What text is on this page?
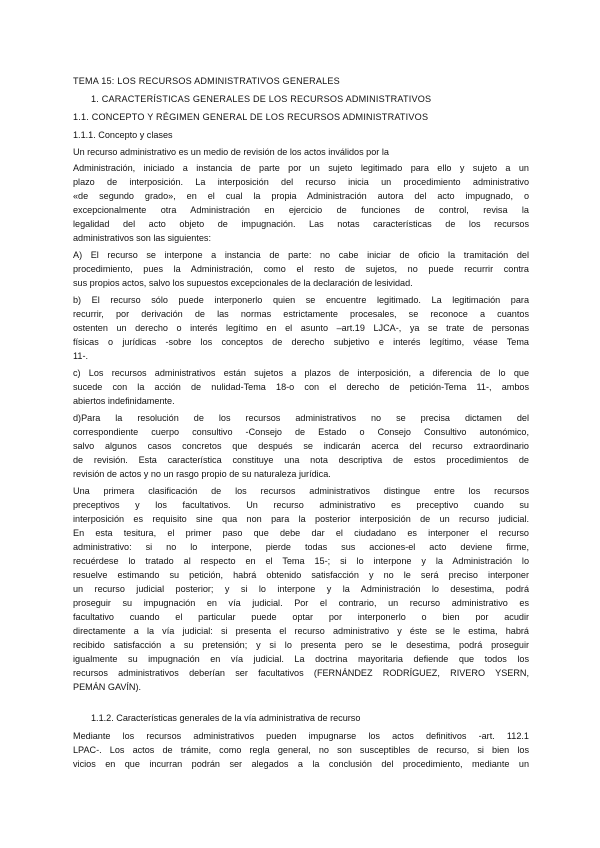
TEMA 15: LOS RECURSOS ADMINISTRATIVOS GENERALES
1. CARACTERÍSTICAS GENERALES DE LOS RECURSOS ADMINISTRATIVOS
1.1. CONCEPTO Y RÉGIMEN GENERAL DE LOS RECURSOS ADMINISTRATIVOS
1.1.1. Concepto y clases
Un recurso administrativo es un medio de revisión de los actos inválidos por la
Administración, iniciado a instancia de parte por un sujeto legitimado para ello y sujeto a un
plazo de interposición. La interposición del recurso inicia un procedimiento administrativo
«de segundo grado», en el cual la propia Administración autora del acto impugnado, o
excepcionalmente otra Administración en ejercicio de funciones de control, revisa la
legalidad del acto objeto de impugnación. Las notas características de los recursos
administrativos son las siguientes:
A) El recurso se interpone a instancia de parte: no cabe iniciar de oficio la tramitación del
procedimiento, pues la Administración, como el resto de sujetos, no puede recurrir contra
sus propios actos, salvo los supuestos excepcionales de la declaración de lesividad.
b) El recurso sólo puede interponerlo quien se encuentre legitimado. La legitimación para
recurrir, por derivación de las normas estrictamente procesales, se reconoce a cuantos
ostenten un derecho o interés legítimo en el asunto –art.19 LJCA-, ya se trate de personas
físicas o jurídicas -sobre los conceptos de derecho subjetivo e interés legítimo, véase Tema
11-.
c) Los recursos administrativos están sujetos a plazos de interposición, a diferencia de lo que
sucede con la acción de nulidad-Tema 18-o con el derecho de petición-Tema 11-, ambos
abiertos indefinidamente.
d)Para la resolución de los recursos administrativos no se precisa dictamen del
correspondiente cuerpo consultivo -Consejo de Estado o Consejo Consultivo autonómico,
salvo algunos casos concretos que después se indicarán acerca del recurso extraordinario
de revisión. Esta característica constituye una nota descriptiva de estos procedimientos de
revisión de actos y no un rasgo propio de su naturaleza jurídica.
Una primera clasificación de los recursos administrativos distingue entre los recursos
preceptivos y los facultativos. Un recurso administrativo es preceptivo cuando su
interposición es requisito sine qua non para la posterior interposición de un recurso judicial.
En esta tesitura, el primer paso que debe dar el ciudadano es interponer el recurso
administrativo: si no lo interpone, pierde todas sus acciones-el acto deviene firme,
recuérdese lo tratado al respecto en el Tema 15-; si lo interpone y la Administración lo
resuelve estimando su petición, habrá obtenido satisfacción y no le será preciso interponer
un recurso judicial posterior; y si lo interpone y la Administración lo desestima, podrá
proseguir su impugnación en vía judicial. Por el contrario, un recurso administrativo es
facultativo cuando el particular puede optar por interponerlo o bien por acudir
directamente a la vía judicial: si presenta el recurso administrativo y éste se le estima, habrá
recibido satisfacción a su pretensión; y si lo presenta pero se le desestima, podrá proseguir
igualmente su impugnación en vía judicial. La doctrina mayoritaria defiende que todos los
recursos administrativos deberían ser facultativos (FERNÁNDEZ RODRÍGUEZ, RIVERO YSERN,
PEMÁN GAVÍN).
1.1.2. Características generales de la vía administrativa de recurso
Mediante los recursos administrativos pueden impugnarse los actos definitivos -art. 112.1
LPAC-. Los actos de trámite, como regla general, no son susceptibles de recurso, si bien los
vicios en que incurran podrán ser alegados a la conclusión del procedimiento, mediante un
